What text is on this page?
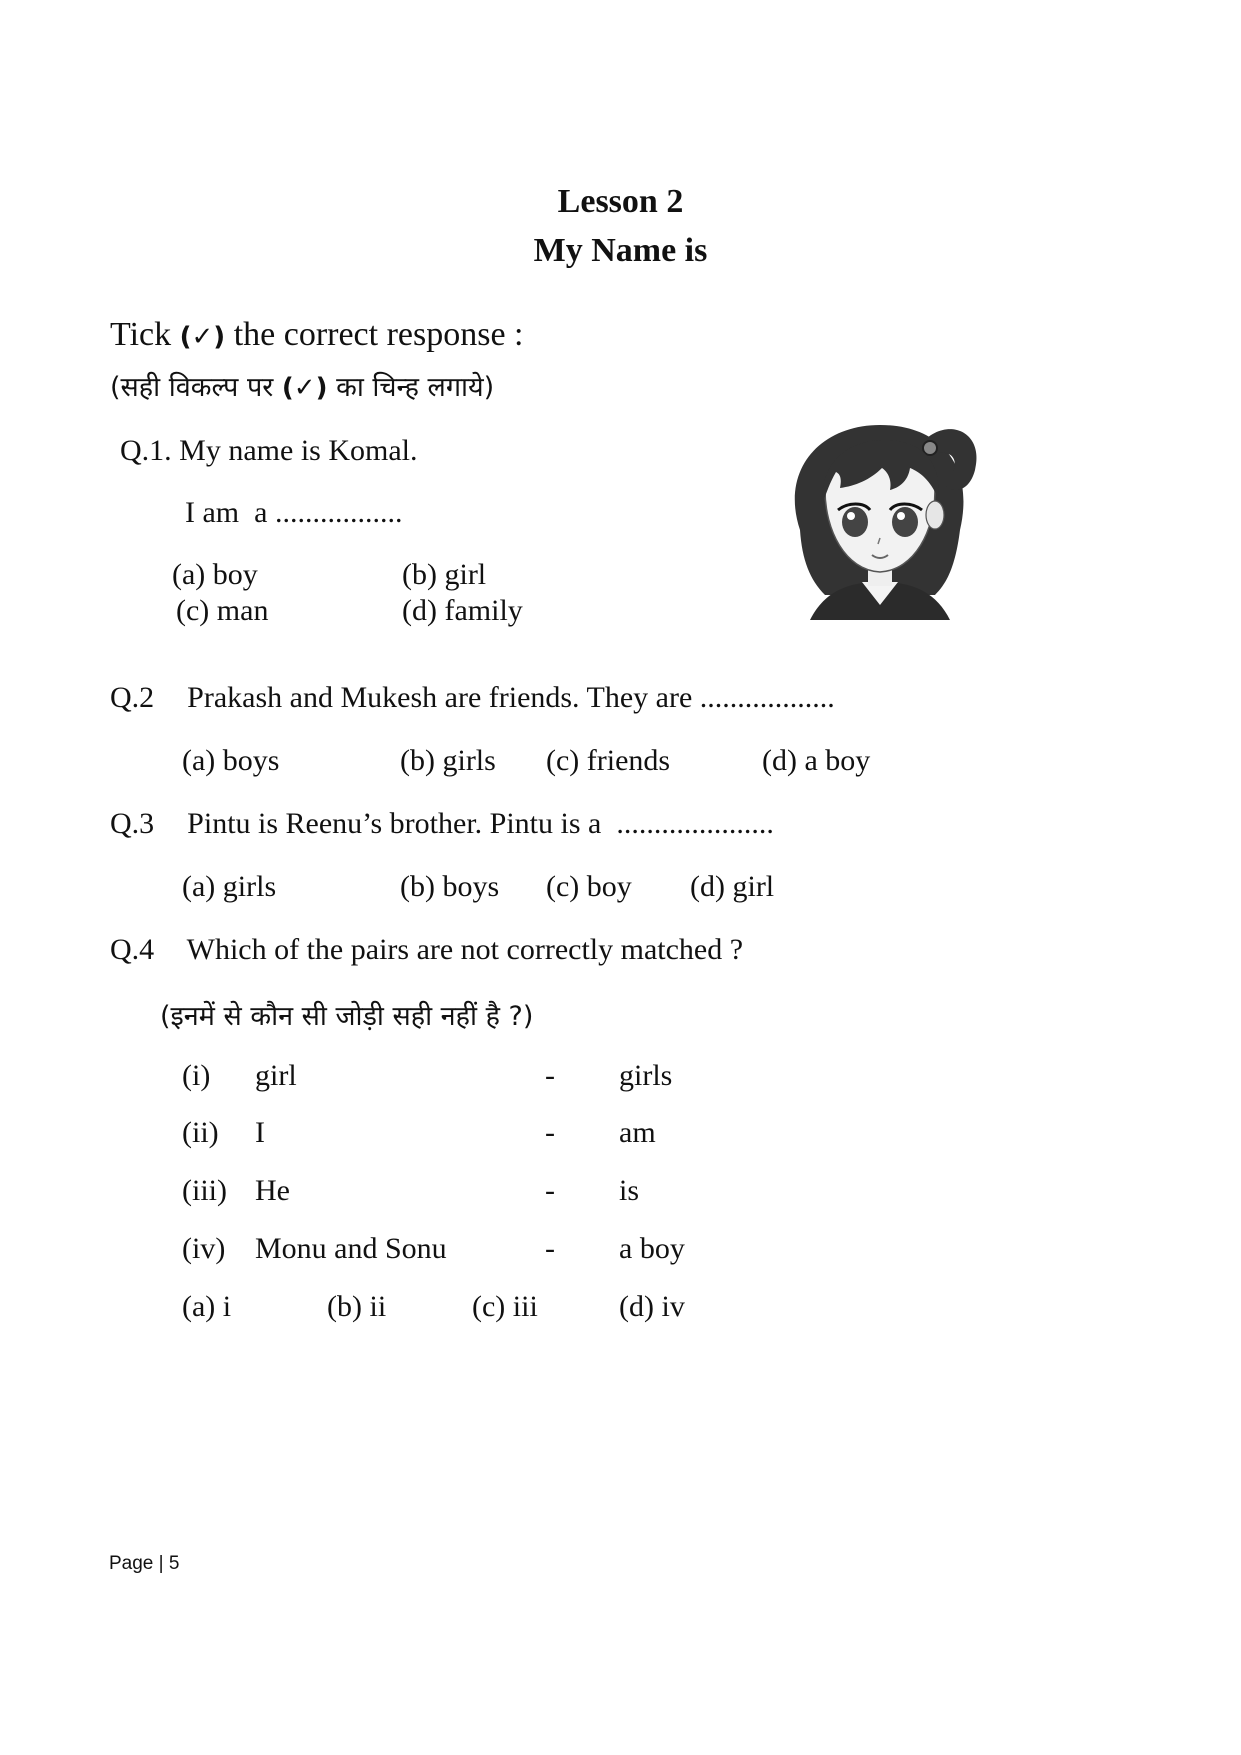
Lesson 2
My Name is
Tick (✓) the correct response :
(सही विकल्प पर (✓) का चिन्ह लगाये)
Q.1. My name is Komal.
I am  a .................
(a) boy	(b) girl
(c) man	(d) family
Q.2 Prakash and Mukesh are friends. They are ..................
(a) boys	(b) girls (c) friends	(d) a boy
Q.3 Pintu is Reenu’s brother. Pintu is a  .....................
(a) girls	(b) boys (c) boy (d) girl
Q.4 Which of the pairs are not correctly matched ?
(इनमें से कौन सी जोड़ी सही नहीं है ?)
(i) girl	- girls
(ii) I	- am
(iii) He	- is
(iv) Monu and Sonu	- a boy
(a) i	(b) ii	(c) iii	(d) iv
Page | 5
